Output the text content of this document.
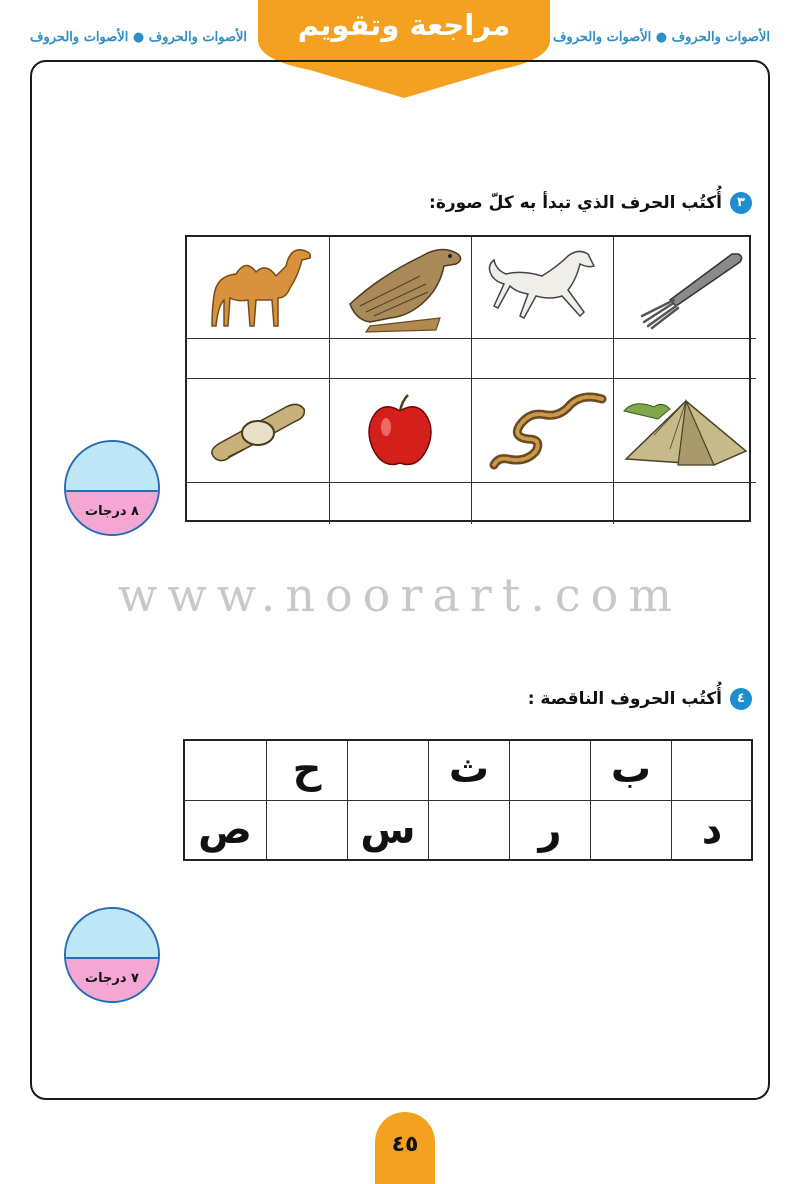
الأصوات والحروف ● الأصوات والحروف
الأصوات والحروف ● الأصوات والحروف	مراجعة وتقويم
٣أُكتُب الحرف الذي تبدأ به كلّ صورة:
٨ درجات
www.noorart.com
٤أُكتُب الحروف الناقصة :
ب
ث
ح
د
ر
س
ص
٧ درجات
٤٥
